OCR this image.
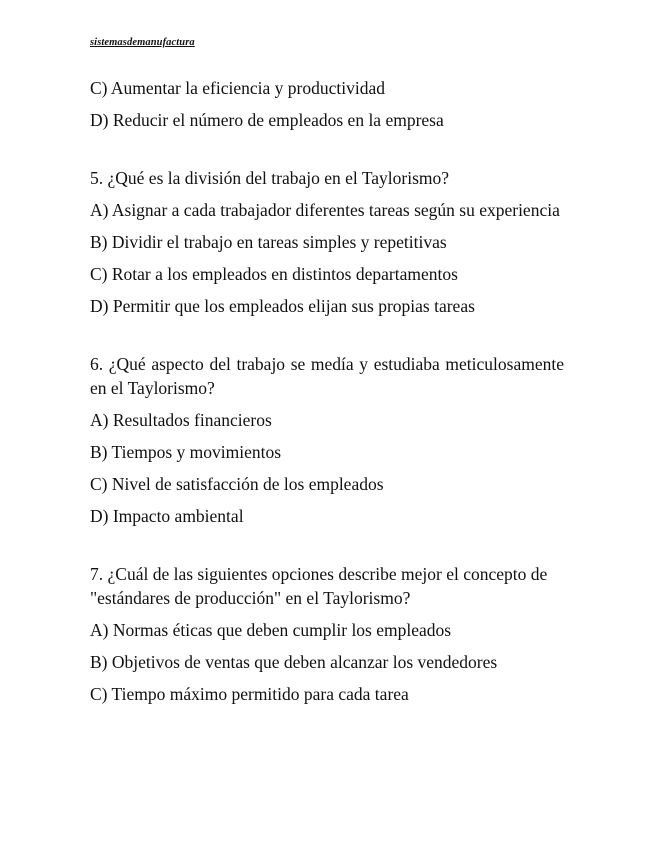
sistemasdemanufactura
C) Aumentar la eficiencia y productividad
D) Reducir el número de empleados en la empresa
5. ¿Qué es la división del trabajo en el Taylorismo?
A) Asignar a cada trabajador diferentes tareas según su experiencia
B) Dividir el trabajo en tareas simples y repetitivas
C) Rotar a los empleados en distintos departamentos
D) Permitir que los empleados elijan sus propias tareas
6. ¿Qué aspecto del trabajo se medía y estudiaba meticulosamente en el Taylorismo?
A) Resultados financieros
B) Tiempos y movimientos
C) Nivel de satisfacción de los empleados
D) Impacto ambiental
7. ¿Cuál de las siguientes opciones describe mejor el concepto de "estándares de producción" en el Taylorismo?
A) Normas éticas que deben cumplir los empleados
B) Objetivos de ventas que deben alcanzar los vendedores
C) Tiempo máximo permitido para cada tarea
